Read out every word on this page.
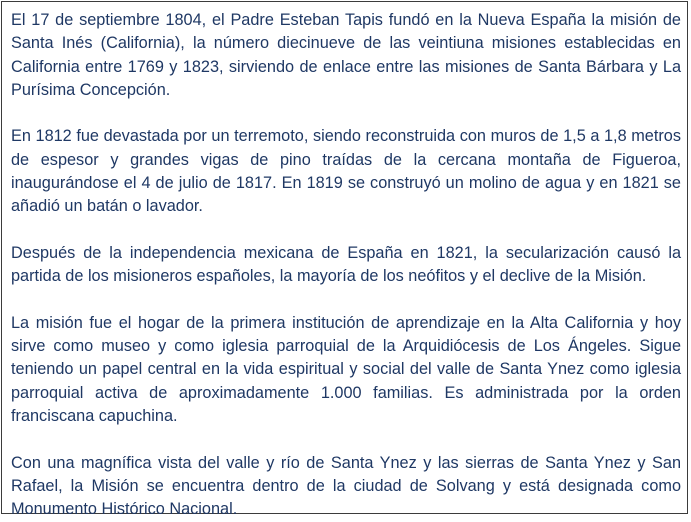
El 17 de septiembre 1804, el Padre Esteban Tapis fundó en la Nueva España la misión de Santa Inés (California), la número diecinueve de las veintiuna misiones establecidas en California entre 1769 y 1823, sirviendo de enlace entre las misiones de Santa Bárbara y La Purísima Concepción.

En 1812 fue devastada por un terremoto, siendo reconstruida con muros de 1,5 a 1,8 metros de espesor y grandes vigas de pino traídas de la cercana montaña de Figueroa, inaugurándose el 4 de julio de 1817. En 1819 se construyó un molino de agua y en 1821 se añadió un batán o lavador.

Después de la independencia mexicana de España en 1821, la secularización causó la partida de los misioneros españoles, la mayoría de los neófitos y el declive de la Misión.

La misión fue el hogar de la primera institución de aprendizaje en la Alta California y hoy sirve como museo y como iglesia parroquial de la Arquidiócesis de Los Ángeles. Sigue teniendo un papel central en la vida espiritual y social del valle de Santa Ynez como iglesia parroquial activa de aproximadamente 1.000 familias. Es administrada por la orden franciscana capuchina.

Con una magnífica vista del valle y río de Santa Ynez y las sierras de Santa Ynez y San Rafael, la Misión se encuentra dentro de la ciudad de Solvang y está designada como Monumento Histórico Nacional.
